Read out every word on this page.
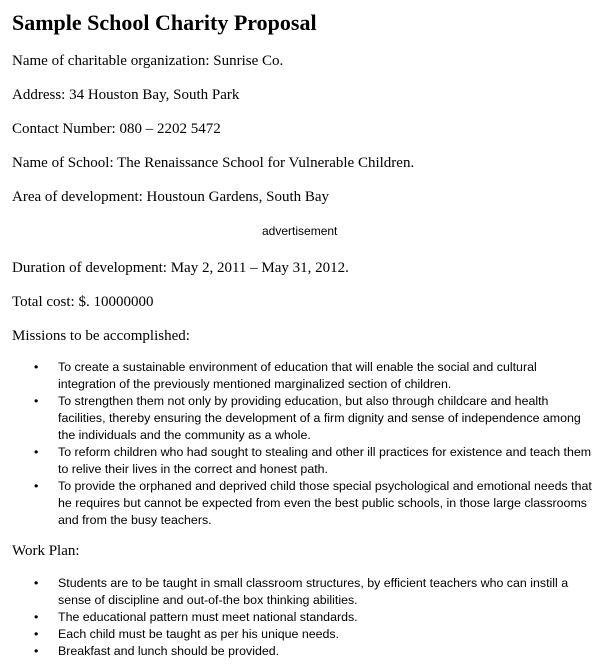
Sample School Charity Proposal

Name of charitable organization: Sunrise Co.

Address: 34 Houston Bay, South Park

Contact Number: 080 – 2202 5472

Name of School: The Renaissance School for Vulnerable Children.

Area of development: Houstoun Gardens, South Bay

advertisement

Duration of development: May 2, 2011 – May 31, 2012.

Total cost: $. 10000000

Missions to be accomplished:

• To create a sustainable environment of education that will enable the social and cultural integration of the previously mentioned marginalized section of children.
• To strengthen them not only by providing education, but also through childcare and health facilities, thereby ensuring the development of a firm dignity and sense of independence among the individuals and the community as a whole.
• To reform children who had sought to stealing and other ill practices for existence and teach them to relive their lives in the correct and honest path.
• To provide the orphaned and deprived child those special psychological and emotional needs that he requires but cannot be expected from even the best public schools, in those large classrooms and from the busy teachers.

Work Plan:

• Students are to be taught in small classroom structures, by efficient teachers who can instill a sense of discipline and out-of-the box thinking abilities.
• The educational pattern must meet national standards.
• Each child must be taught as per his unique needs.
• Breakfast and lunch should be provided.
